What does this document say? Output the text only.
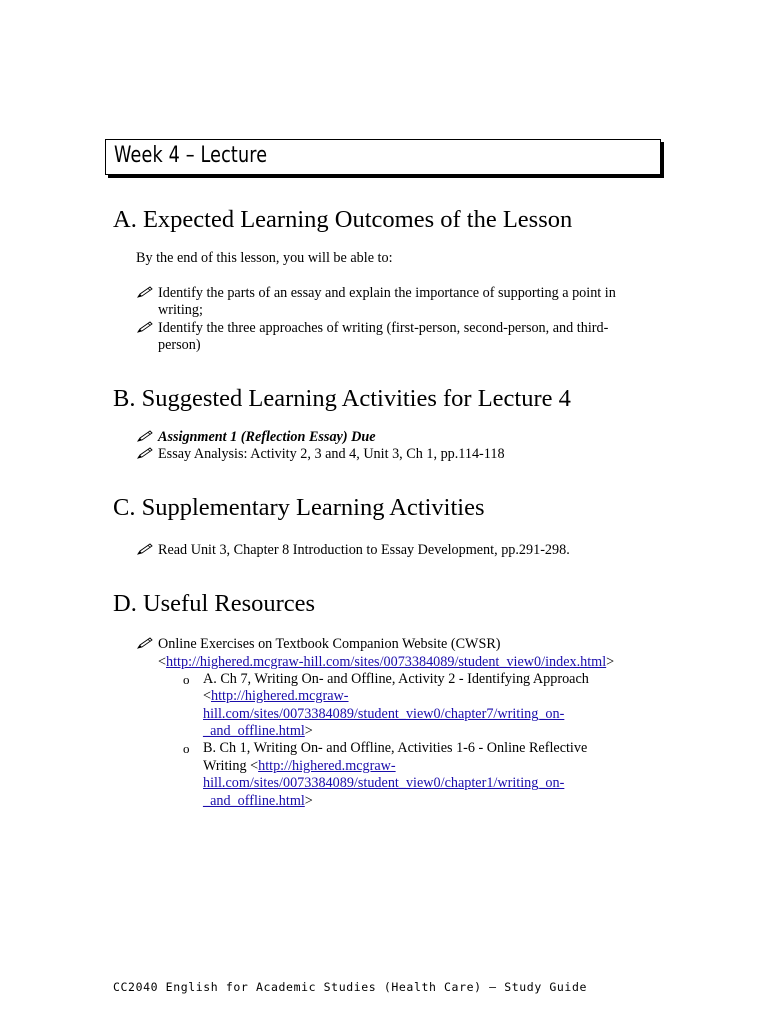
Week 4 – Lecture
A. Expected Learning Outcomes of the Lesson
By the end of this lesson, you will be able to:
Identify the parts of an essay and explain the importance of supporting a point in
writing;
Identify the three approaches of writing (first-person, second-person, and third-
person)
B. Suggested Learning Activities for Lecture 4
Assignment 1 (Reflection Essay) Due
Essay Analysis: Activity 2, 3 and 4, Unit 3, Ch 1, pp.114-118
C. Supplementary Learning Activities
Read Unit 3, Chapter 8 Introduction to Essay Development, pp.291-298.
D. Useful Resources
Online Exercises on Textbook Companion Website (CWSR)
<http://highered.mcgraw-hill.com/sites/0073384089/student_view0/index.html>
o A. Ch 7, Writing On- and Offline, Activity 2 - Identifying Approach
<http://highered.mcgraw-
hill.com/sites/0073384089/student_view0/chapter7/writing_on-
_and_offline.html>
o B. Ch 1, Writing On- and Offline, Activities 1-6 - Online Reflective
Writing <http://highered.mcgraw-
hill.com/sites/0073384089/student_view0/chapter1/writing_on-
_and_offline.html>
CC2040 English for Academic Studies (Health Care) – Study Guide
